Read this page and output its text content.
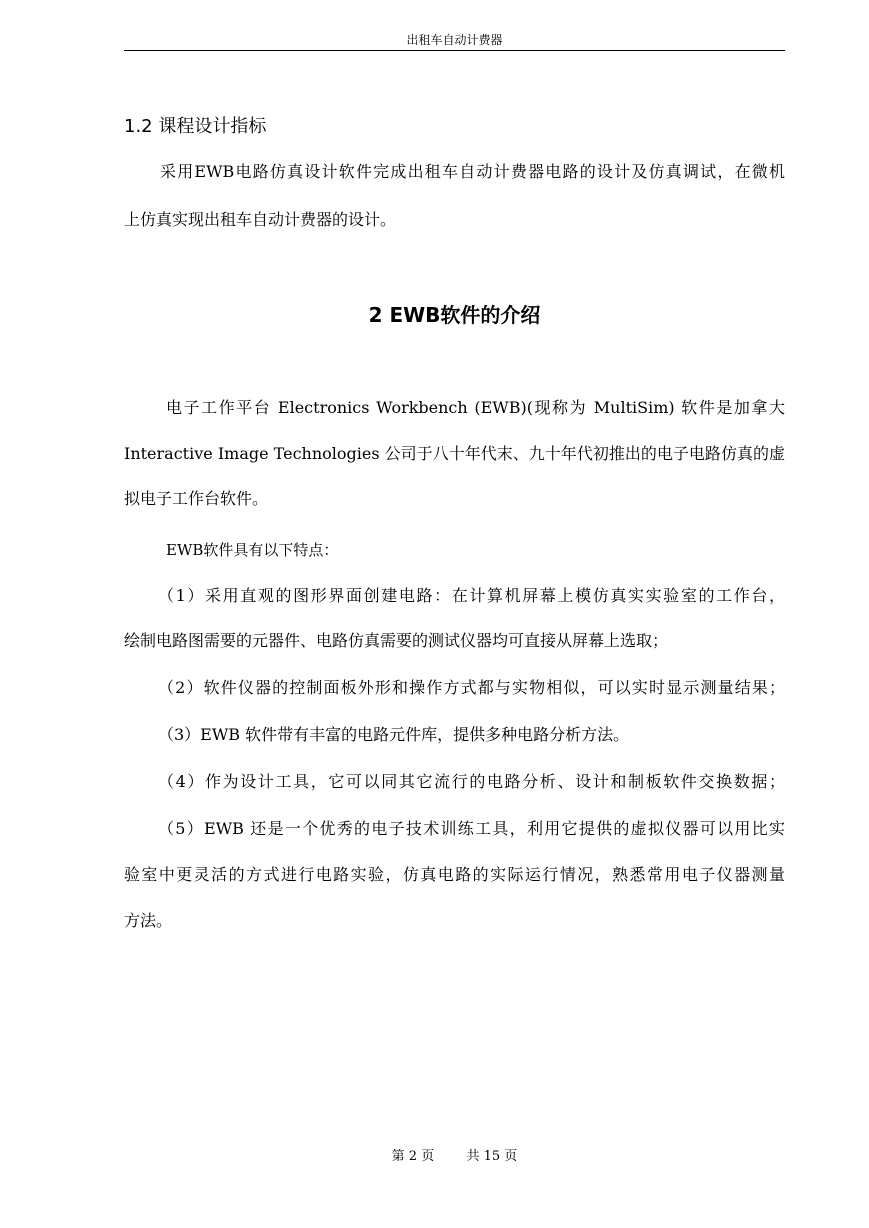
出租车自动计费器
1.2 课程设计指标

采用EWB电路仿真设计软件完成出租车自动计费器电路的设计及仿真调试，在微机

上仿真实现出租车自动计费器的设计。

2 EWB软件的介绍

电子工作平台 Electronics Workbench (EWB)(现称为 MultiSim) 软件是加拿大

Interactive Image Technologies 公司于八十年代末、九十年代初推出的电子电路仿真的虚

拟电子工作台软件。

EWB软件具有以下特点：

（1）采用直观的图形界面创建电路：在计算机屏幕上模仿真实实验室的工作台，

绘制电路图需要的元器件、电路仿真需要的测试仪器均可直接从屏幕上选取；

（2）软件仪器的控制面板外形和操作方式都与实物相似，可以实时显示测量结果；

（3）EWB 软件带有丰富的电路元件库，提供多种电路分析方法。

（4）作为设计工具，它可以同其它流行的电路分析、设计和制板软件交换数据；

（5）EWB 还是一个优秀的电子技术训练工具，利用它提供的虚拟仪器可以用比实

验室中更灵活的方式进行电路实验，仿真电路的实际运行情况，熟悉常用电子仪器测量

方法。

第 2 页 共 15 页
